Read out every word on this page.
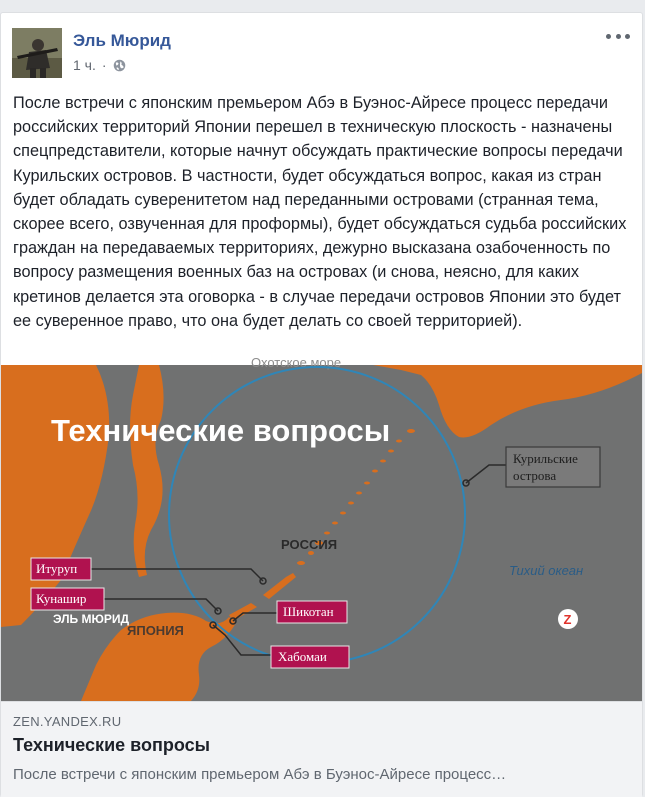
Эль Мюрид
1 ч. ·
После встречи с японским премьером Абэ в Буэнос-Айресе процесс передачи российских территорий Японии перешел в техническую плоскость - назначены спецпредставители, которые начнут обсуждать практические вопросы передачи Курильских островов. В частности, будет обсуждаться вопрос, какая из стран будет обладать суверенитетом над переданными островами (странная тема, скорее всего, озвученная для проформы), будет обсуждаться судьба российских граждан на передаваемых территориях, дежурно высказана озабоченность по вопросу размещения военных баз на островах (и снова, неясно, для каких кретинов делается эта оговорка - в случае передачи островов Японии это будет ее суверенное право, что она будет делать со своей территорией).
Охотское море
Технические вопросы
РОССИЯ
ЯПОНИЯ
Тихий океан
Курильские
острова
Итуруп
Кунашир
ЭЛЬ МЮРИД	Шикотан
Хабомаи
Z
ZEN.YANDEX.RU
Технические вопросы
После встречи с японским премьером Абэ в Буэнос-Айресе процесс…
